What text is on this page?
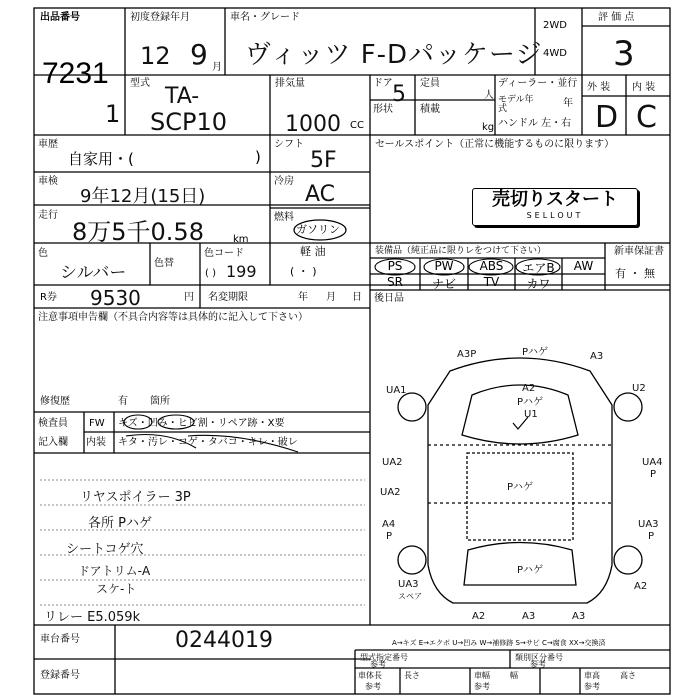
出品番号
7231
1
初度登録年月
12 9 月
車名・グレード
ヴィッツ F-Dパッケージ
2WD
4WD
評 価 点
3
型式
TA-
SCP10
排気量
1000 CC
ドア 5
形状
定員
人
積載
kg
ディーラー・並行
モデル年式	年
ハンドル 左・右
外 装 内 装
D C
車歴
自家用・(	)
シフト
5F
車検
9年12月(15日)
冷房
AC
走行
8万5千0.58	km
燃料
ガソリン
軽 油
( ・ )
色
シルバー	色替
色コード
199
( )
セールスポイント（正常に機能するものに限ります）
売切りスタート
SELLOUT
装備品（純正品に限りレをつけて下さい）	新車保証書
有 ・ 無
PS	PW	ABS	エアB	AW
SR	ナビ	TV	カワ
後日品
R券 9530	円 名変期限	年 月 日
注意事項申告欄（不具合内容等は具体的に記入して下さい）
修復歴	有 箇所
検査員
記入欄
FW キズ・凹み・ヒビ割・リペア跡・X要
内装 キタ・汚レ・コゲ・タバコ・キレ・破レ
リヤスポイラー 3P
各所 Pハゲ
シートコゲ穴
ドアトリム-A
スケ-ト
リレー E5.059k
A3P	Pハゲ	A3
UA1	A2
Pハゲ
U1
U2
UA2
Pハゲ
UA4
P
UA2
Pハゲ
A4
P
UA3
P
UA3	A2
A2	A3	A3
スペア
A→キズ E→エクボ U→凹み W→補修跡 S→サビ C→腐食 XX→交換済
車台番号	0244019
登録番号
型式指定番号
参考
類別区分番号
参考
車体長
参考
長さ	車幅
参考
幅	車高
参考
高さ
